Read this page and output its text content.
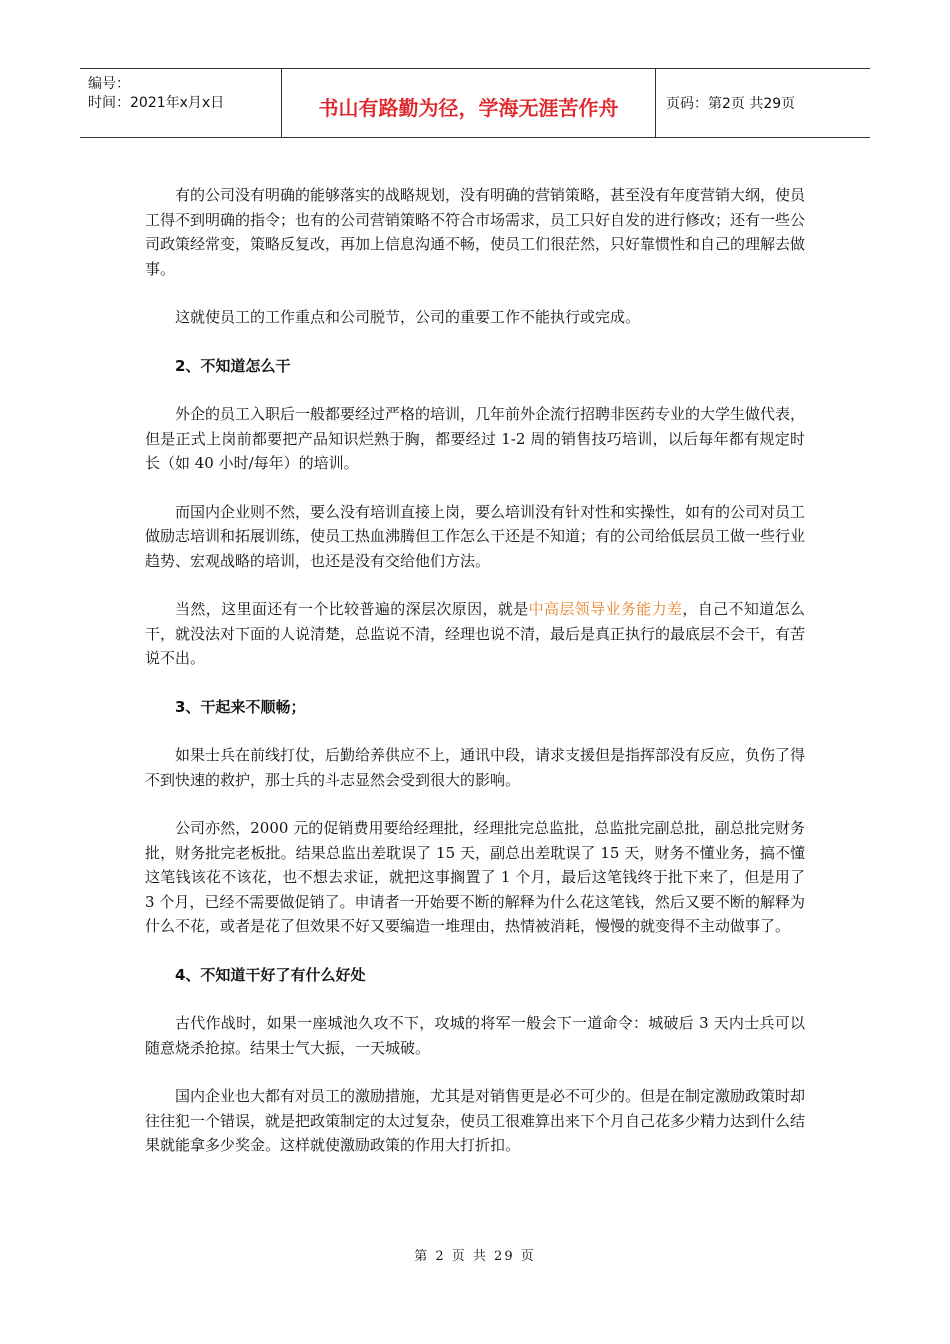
编号：
时间：2021年x月x日	书山有路勤为径，学海无涯苦作舟	页码：第2页 共29页

有的公司没有明确的能够落实的战略规划，没有明确的营销策略，甚至没有年度营销大纲，使员工得不到明确的指令；也有的公司营销策略不符合市场需求，员工只好自发的进行修改；还有一些公司政策经常变，策略反复改，再加上信息沟通不畅，使员工们很茫然，只好靠惯性和自己的理解去做事。

这就使员工的工作重点和公司脱节，公司的重要工作不能执行或完成。

2、不知道怎么干

外企的员工入职后一般都要经过严格的培训，几年前外企流行招聘非医药专业的大学生做代表，但是正式上岗前都要把产品知识烂熟于胸，都要经过 1-2 周的销售技巧培训，以后每年都有规定时长（如 40 小时/每年）的培训。

而国内企业则不然，要么没有培训直接上岗，要么培训没有针对性和实操性，如有的公司对员工做励志培训和拓展训练，使员工热血沸腾但工作怎么干还是不知道；有的公司给低层员工做一些行业趋势、宏观战略的培训，也还是没有交给他们方法。

当然，这里面还有一个比较普遍的深层次原因，就是中高层领导业务能力差，自己不知道怎么干，就没法对下面的人说清楚，总监说不清，经理也说不清，最后是真正执行的最底层不会干，有苦说不出。

3、干起来不顺畅；

如果士兵在前线打仗，后勤给养供应不上，通讯中段，请求支援但是指挥部没有反应，负伤了得不到快速的救护，那士兵的斗志显然会受到很大的影响。

公司亦然，2000 元的促销费用要给经理批，经理批完总监批，总监批完副总批，副总批完财务批，财务批完老板批。结果总监出差耽误了 15 天，副总出差耽误了 15 天，财务不懂业务，搞不懂这笔钱该花不该花，也不想去求证，就把这事搁置了 1 个月，最后这笔钱终于批下来了，但是用了 3 个月，已经不需要做促销了。申请者一开始要不断的解释为什么花这笔钱，然后又要不断的解释为什么不花，或者是花了但效果不好又要编造一堆理由，热情被消耗，慢慢的就变得不主动做事了。

4、不知道干好了有什么好处

古代作战时，如果一座城池久攻不下，攻城的将军一般会下一道命令：城破后 3 天内士兵可以随意烧杀抢掠。结果士气大振，一天城破。

国内企业也大都有对员工的激励措施，尤其是对销售更是必不可少的。但是在制定激励政策时却往往犯一个错误，就是把政策制定的太过复杂，使员工很难算出来下个月自己花多少精力达到什么结果就能拿多少奖金。这样就使激励政策的作用大打折扣。

第 2 页 共 29 页
